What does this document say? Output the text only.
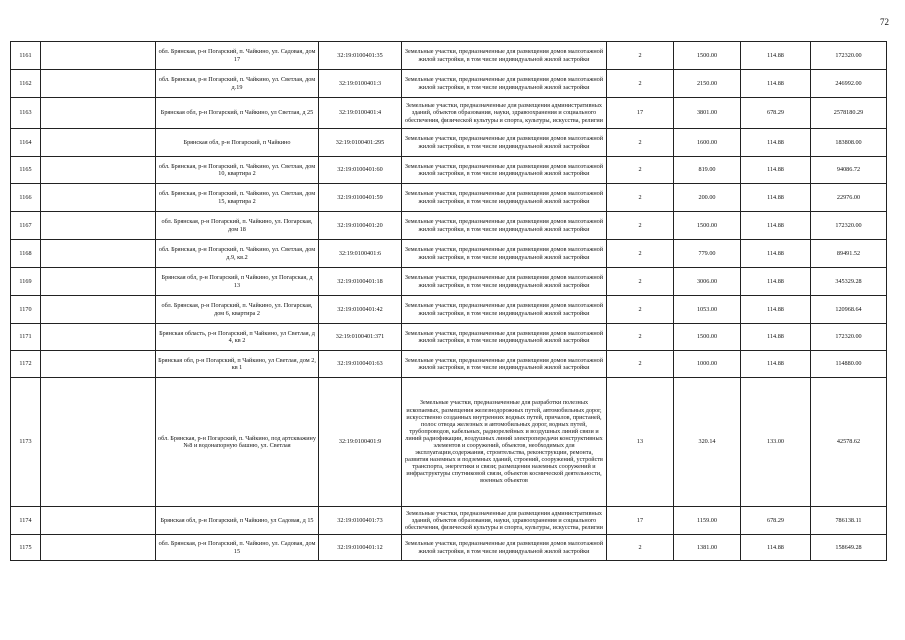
72
1161		обл. Брянская, р-н Погарский, п. Чайкино, ул. Садовая, дом 17	32:19:0100401:35	Земельные участки, предназначенные для размещения домов малоэтажной жилой застройки, в том числе индивидуальной жилой застройки	2	1500.00	114.88	172320.00
1162		обл. Брянская, р-н Погарский, п. Чайкино, ул. Светлая, дом д.19	32:19:0100401:3	Земельные участки, предназначенные для размещения домов малоэтажной жилой застройки, в том числе индивидуальной жилой застройки	2	2150.00	114.88	246992.00
1163		Брянская обл, р-н Погарский, п Чайкино, ул Светлая, д 25	32:19:0100401:4	Земельные участки, предназначенные для размещения административных зданий, объектов образования, науки, здравоохранения и социального обеспечения, физической культуры и спорта, культуры, искусства, религии	17	3801.00	678.29	2578180.29
1164		Брянская обл, р-н Погарский, п Чайкино	32:19:0100401:295	Земельные участки, предназначенные для размещения домов малоэтажной жилой застройки, в том числе индивидуальной жилой застройки	2	1600.00	114.88	183808.00
1165		обл. Брянская, р-н Погарский, п. Чайкино, ул. Светлая, дом 10, квартира 2	32:19:0100401:60	Земельные участки, предназначенные для размещения домов малоэтажной жилой застройки, в том числе индивидуальной жилой застройки	2	819.00	114.88	94086.72
1166		обл. Брянская, р-н Погарский, п. Чайкино, ул. Светлая, дом 15, квартира 2	32:19:0100401:59	Земельные участки, предназначенные для размещения домов малоэтажной жилой застройки, в том числе индивидуальной жилой застройки	2	200.00	114.88	22976.00
1167		обл. Брянская, р-н Погарский, п. Чайкино, ул. Погарская, дом 18	32:19:0100401:20	Земельные участки, предназначенные для размещения домов малоэтажной жилой застройки, в том числе индивидуальной жилой застройки	2	1500.00	114.88	172320.00
1168		обл. Брянская, р-н Погарский, п. Чайкино, ул. Светлая, дом д.9, кв.2	32:19:0100401:6	Земельные участки, предназначенные для размещения домов малоэтажной жилой застройки, в том числе индивидуальной жилой застройки	2	779.00	114.88	89491.52
1169		Брянская обл, р-н Погарский, п Чайкино, ул Погарская, д 13	32:19:0100401:18	Земельные участки, предназначенные для размещения домов малоэтажной жилой застройки, в том числе индивидуальной жилой застройки	2	3006.00	114.88	345329.28
1170		обл. Брянская, р-н Погарский, п. Чайкино, ул. Погарская, дом 6, квартира 2	32:19:0100401:42	Земельные участки, предназначенные для размещения домов малоэтажной жилой застройки, в том числе индивидуальной жилой застройки	2	1053.00	114.88	120968.64
1171		Брянская область, р-н Погарский, п Чайкино, ул Светлая, д 4, кв 2	32:19:0100401:371	Земельные участки, предназначенные для размещения домов малоэтажной жилой застройки, в том числе индивидуальной жилой застройки	2	1500.00	114.88	172320.00
1172		Брянская обл, р-н Погарский, п Чайкино, ул Светлая, дом 2, кв 1	32:19:0100401:63	Земельные участки, предназначенные для размещения домов малоэтажной жилой застройки, в том числе индивидуальной жилой застройки	2	1000.00	114.88	114880.00
1173		обл. Брянская, р-н Погарский, п. Чайкино, под артскважину №8 и водонапорную башню, ул. Светлая	32:19:0100401:9	Земельные участки, предназначенные для разработки полезных ископаемых, размещения железнодорожных путей, автомобильных дорог, искусственно созданных внутренних водных путей, причалов, пристаней, полос отвода железных и автомобильных дорог, водных путей, трубопроводов, кабельных, радиорелейных и воздушных линий связи и линий радиофикации, воздушных линий электропередачи конструктивных элементов и сооружений, объектов, необходимых для эксплуатации,содержания, строительства, реконструкции, ремонта, развития наземных и подземных зданий, строений, сооружений, устройств транспорта, энергетики и связи; размещения наземных сооружений и инфраструктуры спутниковой связи, объектов космической деятельности, военных объектов	13	320.14	133.00	42578.62
1174		Брянская обл, р-н Погарский, п Чайкино, ул Садовая, д 15	32:19:0100401:73	Земельные участки, предназначенные для размещения административных зданий, объектов образования, науки, здравоохранения и социального обеспечения, физической культуры и спорта, культуры, искусства, религии	17	1159.00	678.29	786138.11
1175		обл. Брянская, р-н Погарский, п. Чайкино, ул. Садовая, дом 15	32:19:0100401:12	Земельные участки, предназначенные для размещения домов малоэтажной жилой застройки, в том числе индивидуальной жилой застройки	2	1381.00	114.88	158649.28
